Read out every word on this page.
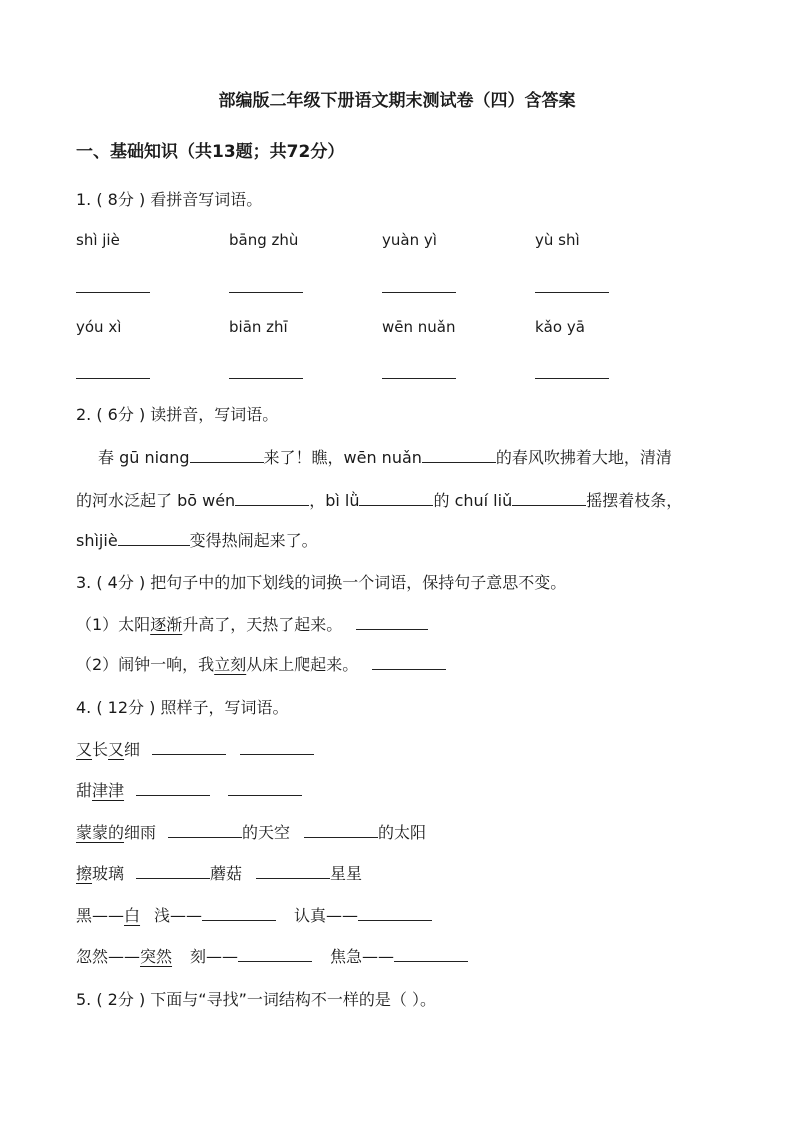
部编版二年级下册语文期末测试卷（四）含答案
一、基础知识（共13题；共72分）
1. ( 8分 ) 看拼音写词语。
shì jiè	bāng zhù	yuàn yì	yù shì
yóu xì	biān zhī	wēn nuǎn	kǎo yā
2. ( 6分 ) 读拼音，写词语。
春 gū niɑng	来了！瞧，wēn nuǎn	的春风吹拂着大地，清清
的河水泛起了 bō wén	，bì lǜ	的 chuí liǔ	摇摆着枝条，
shìjiè	变得热闹起来了。
3. ( 4分 ) 把句子中的加下划线的词换一个词语，保持句子意思不变。
（1）太阳逐渐升高了，天热了起来。
（2）闹钟一响，我立刻从床上爬起来。
4. ( 12分 ) 照样子，写词语。
又长又细
甜津津
蒙蒙的细雨	的天空	的太阳
擦玻璃	蘑菇	星星
黑——白 浅——	认真——
忽然——突然 刻——	焦急——
5. ( 2分 ) 下面与“寻找”一词结构不一样的是（ ）。
